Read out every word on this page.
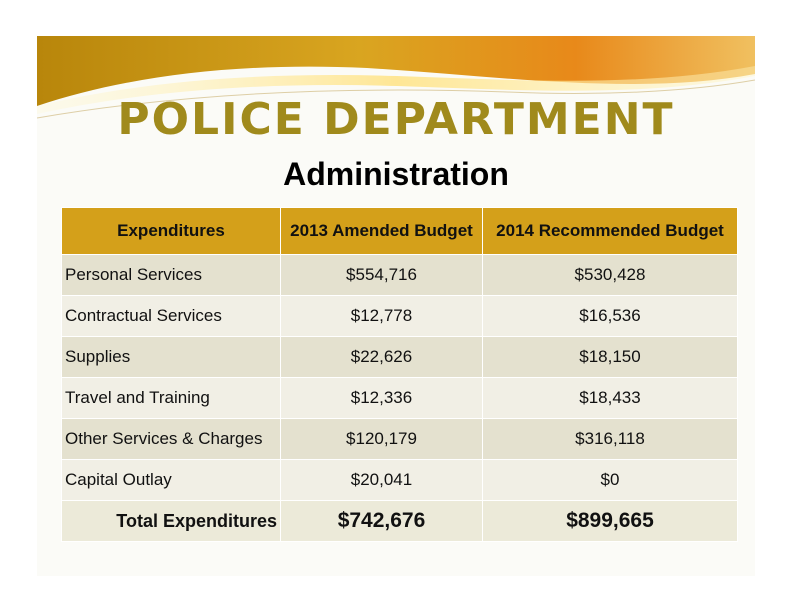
POLICE DEPARTMENT
Administration
Expenditures	2013 Amended Budget	2014 Recommended Budget
Personal Services	$554,716	$530,428
Contractual Services	$12,778	$16,536
Supplies	$22,626	$18,150
Travel and Training	$12,336	$18,433
Other Services & Charges	$120,179	$316,118
Capital Outlay	$20,041	$0
Total Expenditures	$742,676	$899,665
